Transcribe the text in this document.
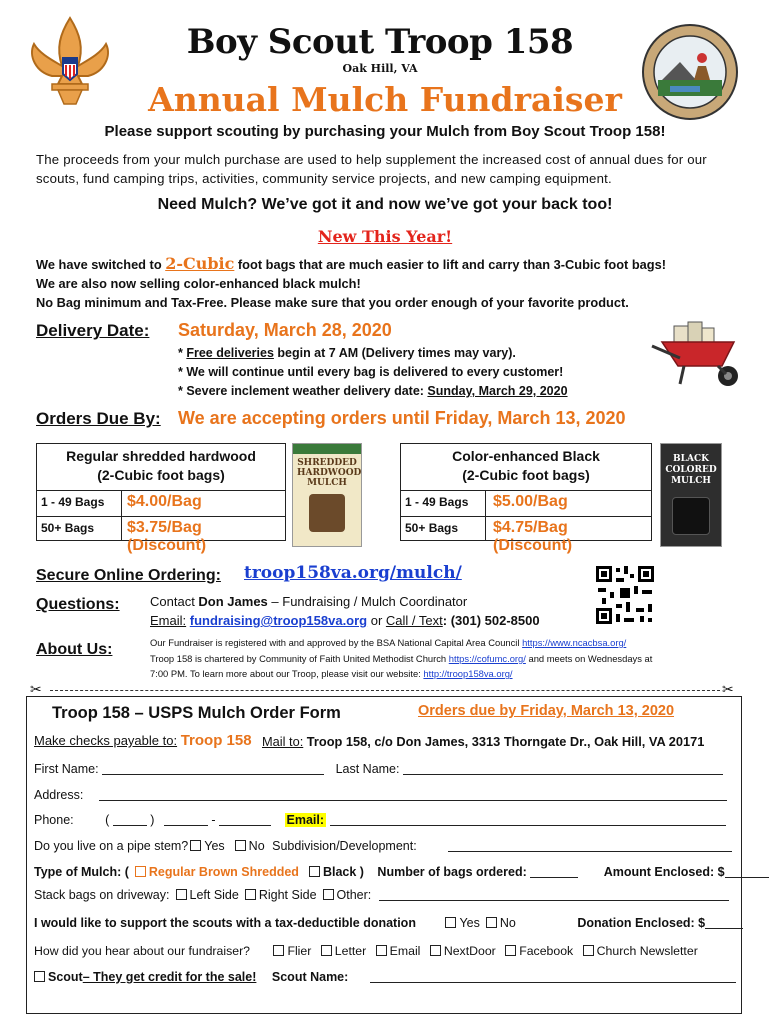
Boy Scout Troop 158
Oak Hill, VA
Annual Mulch Fundraiser
Please support scouting by purchasing your Mulch from Boy Scout Troop 158!
The proceeds from your mulch purchase are used to help supplement the increased cost of annual dues for our scouts, fund camping trips, activities, community service projects, and new camping equipment.
Need Mulch? We’ve got it and now we’ve got your back too!
New This Year!
We have switched to 2-Cubic foot bags that are much easier to lift and carry than 3-Cubic foot bags!
We are also now selling color-enhanced black mulch!
No Bag minimum and Tax-Free. Please make sure that you order enough of your favorite product.
Delivery Date: Saturday, March 28, 2020
* Free deliveries begin at 7 AM (Delivery times may vary).
* We will continue until every bag is delivered to every customer!
* Severe inclement weather delivery date: Sunday, March 29, 2020
Orders Due By: We are accepting orders until Friday, March 13, 2020
Regular shredded hardwood
(2-Cubic foot bags)
1 - 49 Bags $4.00/Bag
50+ Bags $3.75/Bag (Discount)
SHREDDED HARDWOOD MULCH
Color-enhanced Black
(2-Cubic foot bags)
1 - 49 Bags $5.00/Bag
50+ Bags $4.75/Bag (Discount)
BLACK COLORED MULCH
Secure Online Ordering: troop158va.org/mulch/
Questions: Contact Don James – Fundraising / Mulch Coordinator
Email: fundraising@troop158va.org or Call / Text: (301) 502-8500
About Us:	Our Fundraiser is registered with and approved by the BSA National Capital Area Council https://www.ncacbsa.org/
Troop 158 is chartered by Community of Faith United Methodist Church https://cofumc.org/ and meets on Wednesdays at
7:00 PM. To learn more about our Troop, please visit our website: http://troop158va.org/
✂	✂
Troop 158 – USPS Mulch Order Form	Orders due by Friday, March 13, 2020
Make checks payable to: Troop 158 Mail to: Troop 158, c/o Don James, 3313 Thorngate Dr., Oak Hill, VA 20171
First Name:	Last Name:
Address:
Phone:	(	)	-	Email:
Do you live on a pipe stem? Yes No Subdivision/Development:
Type of Mulch: ( Regular Brown Shredded Black ) Number of bags ordered:	Amount Enclosed: $
Stack bags on driveway: Left Side Right Side Other:
I would like to support the scouts with a tax-deductible donation	Yes No	Donation Enclosed: $
How did you hear about our fundraiser?	Flier Letter Email NextDoor Facebook Church Newsletter
Scout– They get credit for the sale! Scout Name:
